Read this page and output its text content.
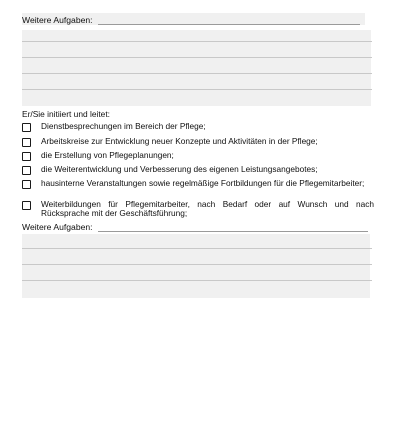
Weitere Aufgaben:
Er/Sie initiiert und leitet:
Dienstbesprechungen im Bereich der Pflege;
Arbeitskreise zur Entwicklung neuer Konzepte und Aktivitäten in der Pflege;
die Erstellung von Pflegeplanungen;
die Weiterentwicklung und Verbesserung des eigenen Leistungsangebotes;
hausinterne Veranstaltungen sowie regelmäßige Fortbildungen für die Pflegemitarbeiter;
Weiterbildungen für Pflegemitarbeiter, nach Bedarf oder auf Wunsch und nach Rücksprache mit der Geschäftsführung;
Weitere Aufgaben:
